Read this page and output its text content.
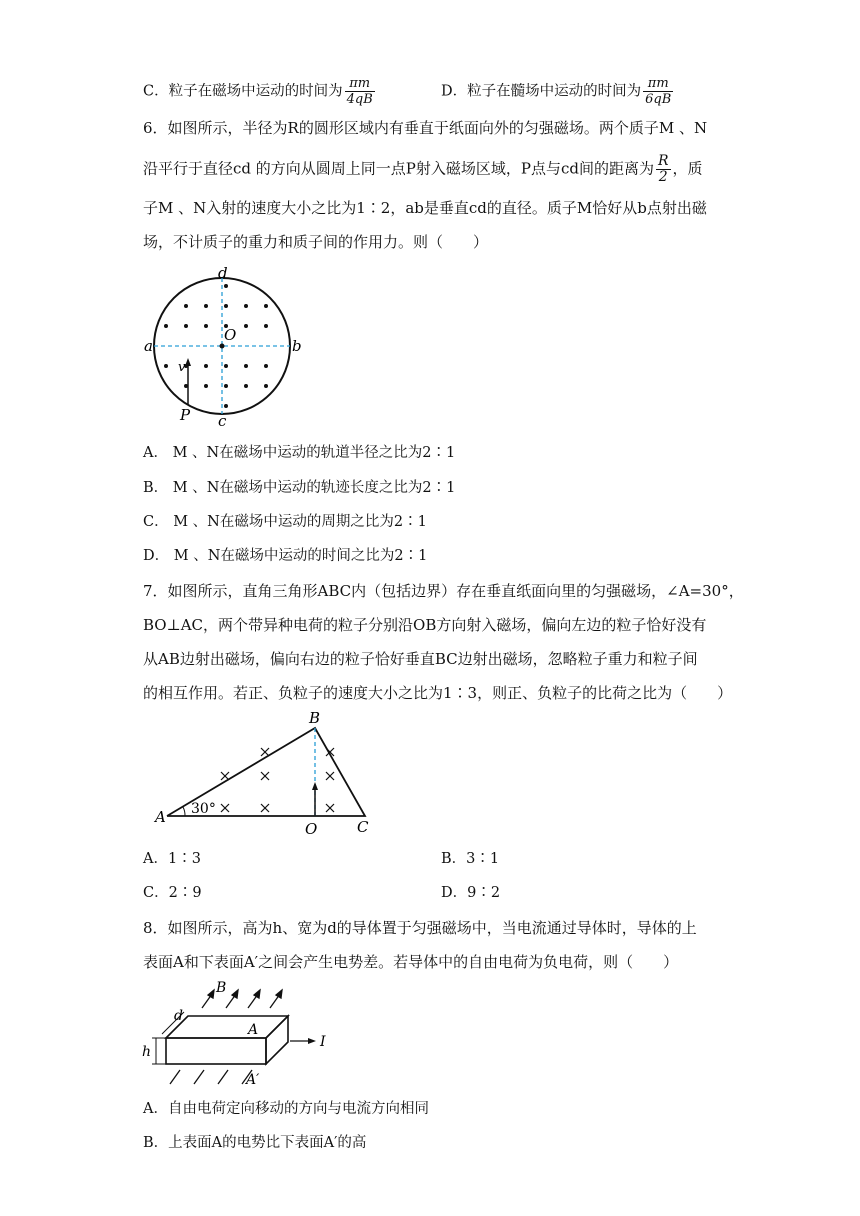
C．粒子在磁场中运动的时间为 $\frac{\pi m}{4qB}$	D．粒子在髓场中运动的时间为 $\frac{\pi m}{6qB}$
6．如图所示，半径为R的圆形区域内有垂直于纸面向外的匀强磁场。两个质子M 、N
沿平行于直径cd 的方向从圆周上同一点P射入磁场区域，P点与cd间的距离为 $\frac{R}{2}$ ，质
子M 、N入射的速度大小之比为1∶2，ab是垂直cd的直径。质子M恰好从b点射出磁
场，不计质子的重力和质子间的作用力。则（　　）
d
a	b
c
O
v
P
A． M 、N在磁场中运动的轨道半径之比为2∶1
B． M 、N在磁场中运动的轨迹长度之比为2∶1
C． M 、N在磁场中运动的周期之比为2∶1
D． M 、N在磁场中运动的时间之比为2∶1
7．如图所示，直角三角形ABC内（包括边界）存在垂直纸面向里的匀强磁场，∠A=30°，
BO⊥AC，两个带异种电荷的粒子分别沿OB方向射入磁场，偏向左边的粒子恰好没有
从AB边射出磁场，偏向右边的粒子恰好垂直BC边射出磁场，忽略粒子重力和粒子间
的相互作用。若正、负粒子的速度大小之比为1∶3，则正、负粒子的比荷之比为（　　）
A
B
C
O
30°
A．1∶3	B．3∶1
C．2∶9	D．9∶2
8．如图所示，高为h、宽为d的导体置于匀强磁场中，当电流通过导体时，导体的上
表面A和下表面A′之间会产生电势差。若导体中的自由电荷为负电荷，则（　　）
d
B
A
h
I
A′
A．自由电荷定向移动的方向与电流方向相同
B．上表面A的电势比下表面A′的高
